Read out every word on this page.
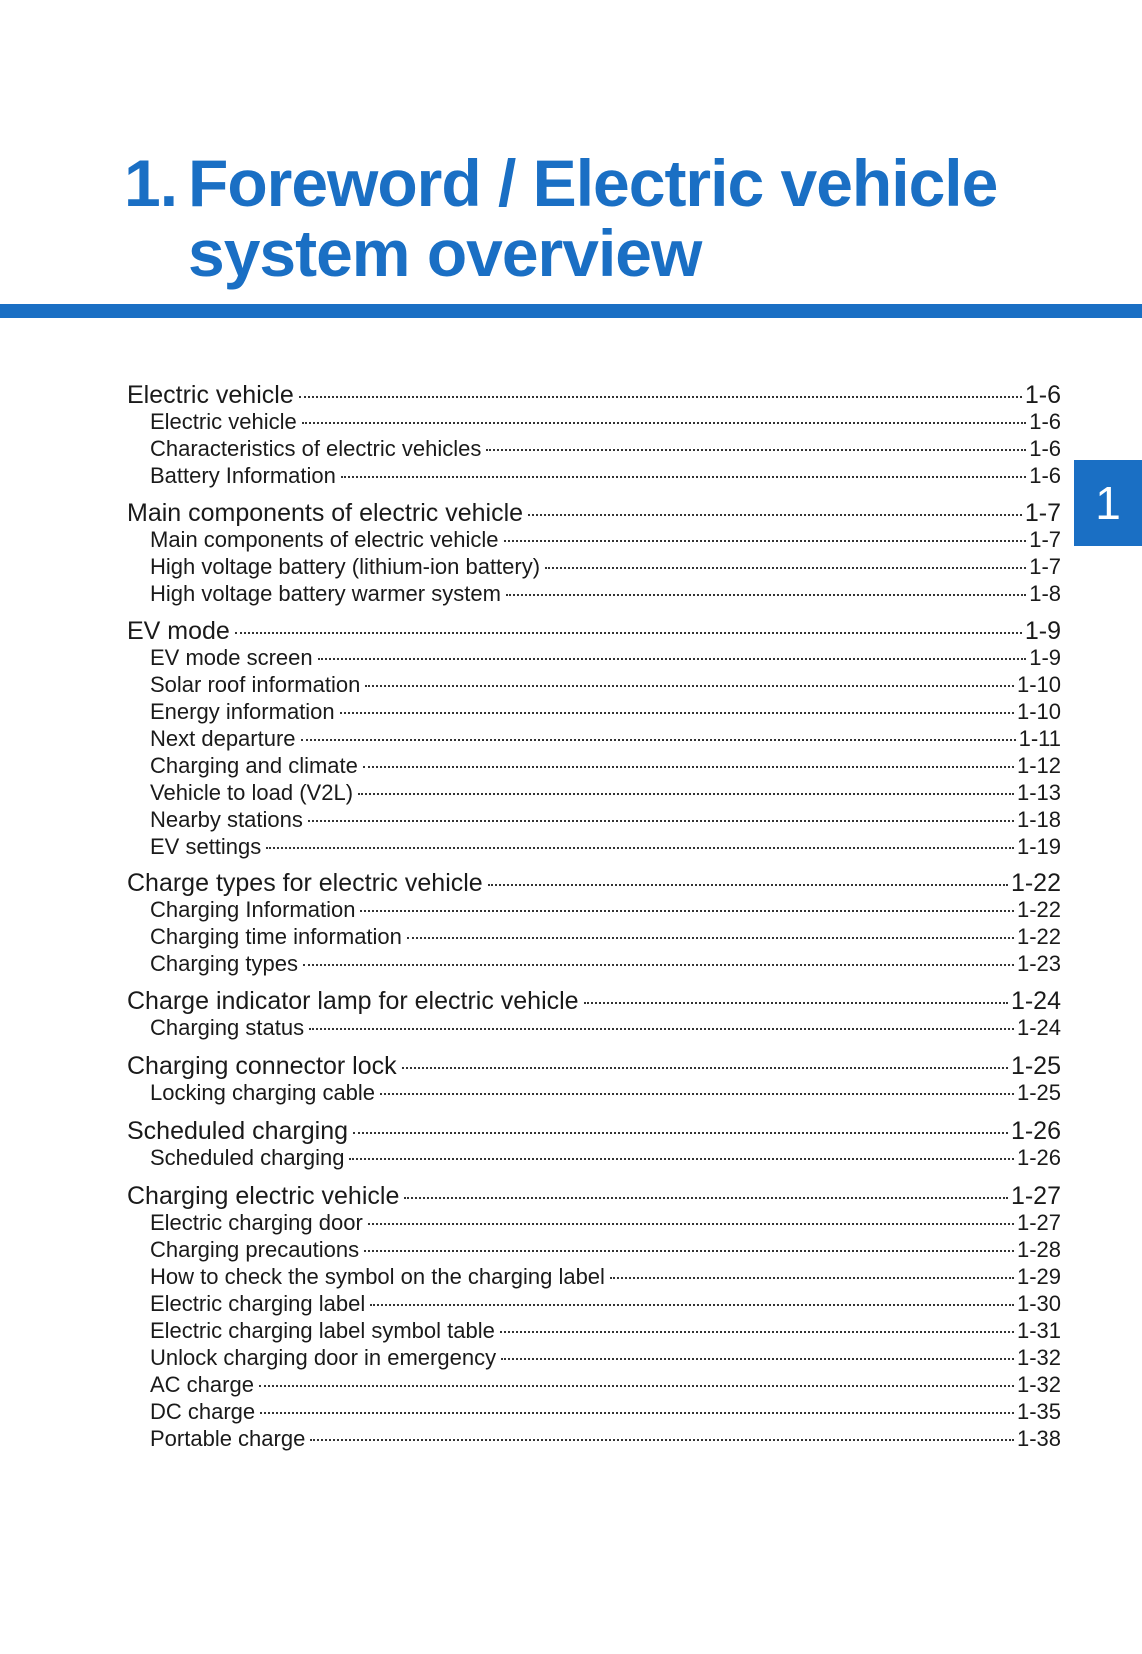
1. Foreword / Electric vehicle system overview
1
Electric vehicle	1-6
Electric vehicle	1-6
Characteristics of electric vehicles	1-6
Battery Information	1-6
Main components of electric vehicle	1-7
Main components of electric vehicle	1-7
High voltage battery (lithium-ion battery)	1-7
High voltage battery warmer system	1-8
EV mode	1-9
EV mode screen	1-9
Solar roof information	1-10
Energy information	1-10
Next departure	1-11
Charging and climate	1-12
Vehicle to load (V2L)	1-13
Nearby stations	1-18
EV settings	1-19
Charge types for electric vehicle	1-22
Charging Information	1-22
Charging time information	1-22
Charging types	1-23
Charge indicator lamp for electric vehicle	1-24
Charging status	1-24
Charging connector lock	1-25
Locking charging cable	1-25
Scheduled charging	1-26
Scheduled charging	1-26
Charging electric vehicle	1-27
Electric charging door	1-27
Charging precautions	1-28
How to check the symbol on the charging label	1-29
Electric charging label	1-30
Electric charging label symbol table	1-31
Unlock charging door in emergency	1-32
AC charge	1-32
DC charge	1-35
Portable charge	1-38
